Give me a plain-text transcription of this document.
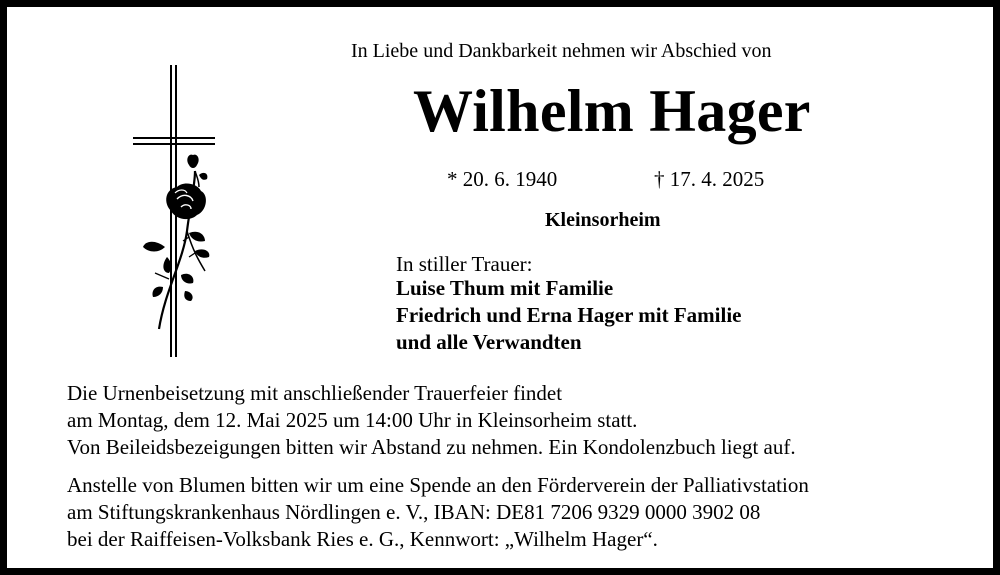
In Liebe und Dankbarkeit nehmen wir Abschied von
Wilhelm Hager
* 20. 6. 1940	† 17. 4. 2025
Kleinsorheim
In stiller Trauer:
Luise Thum mit Familie
Friedrich und Erna Hager mit Familie
und alle Verwandten
Die Urnenbeisetzung mit anschließender Trauerfeier findet
am Montag, dem 12. Mai 2025 um 14:00 Uhr in Kleinsorheim statt.
Von Beileidsbezeigungen bitten wir Abstand zu nehmen. Ein Kondolenzbuch liegt auf.
Anstelle von Blumen bitten wir um eine Spende an den Förderverein der Palliativstation
am Stiftungskrankenhaus Nördlingen e. V., IBAN: DE81 7206 9329 0000 3902 08
bei der Raiffeisen-Volksbank Ries e. G., Kennwort: „Wilhelm Hager“.
